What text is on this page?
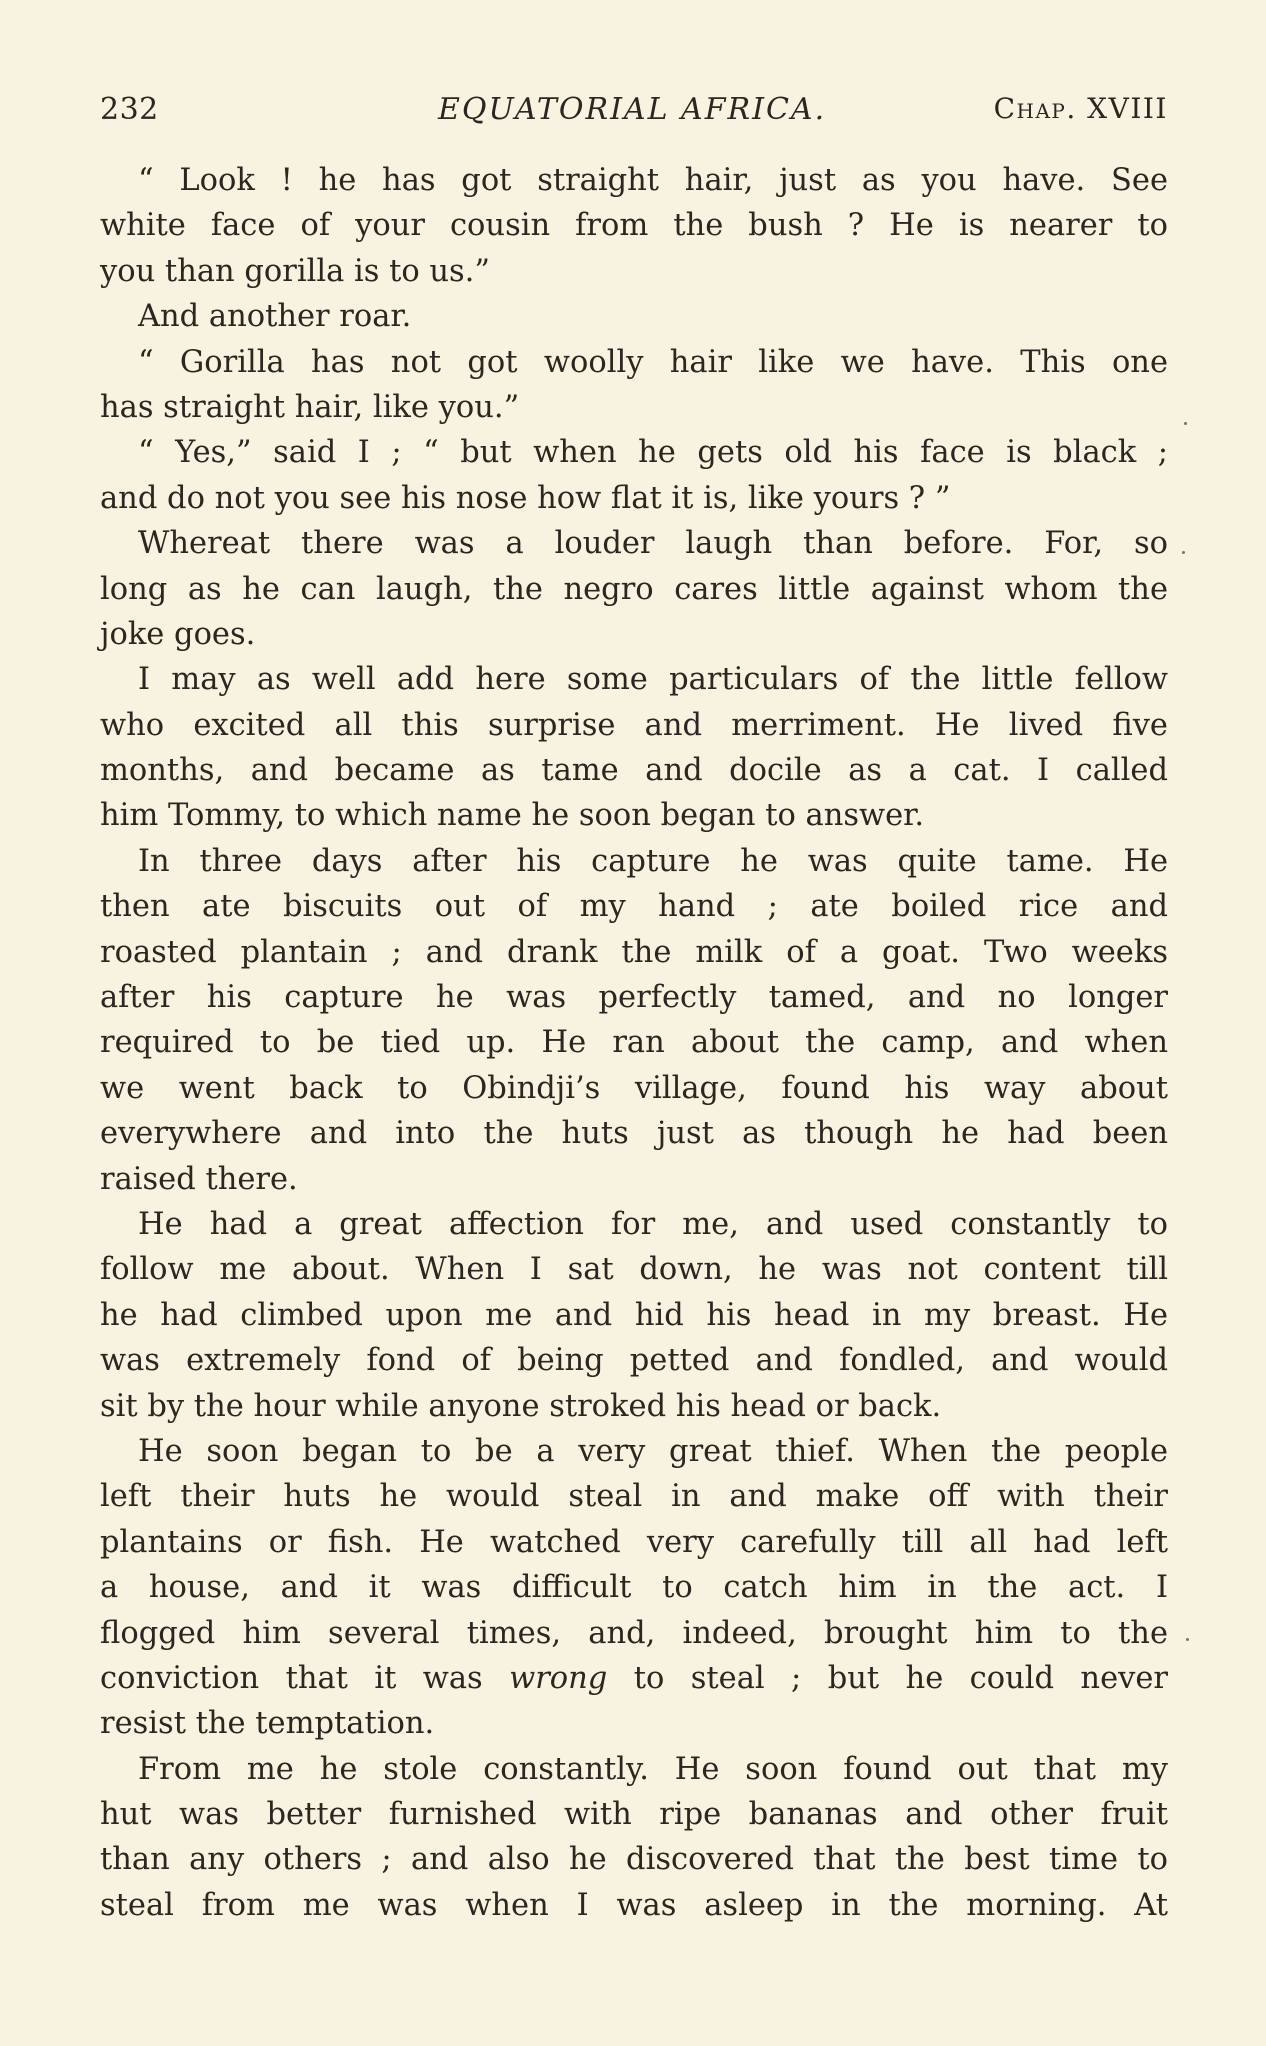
232	EQUATORIAL AFRICA.	Chap. XVIII
“ Look ! he has got straight hair, just as you have. See
white face of your cousin from the bush ? He is nearer to
you than gorilla is to us.”
And another roar.
“ Gorilla has not got woolly hair like we have. This one
has straight hair, like you.”
“ Yes,” said I ; “ but when he gets old his face is black ;
and do not you see his nose how flat it is, like yours ? ”
Whereat there was a louder laugh than before. For, so
long as he can laugh, the negro cares little against whom the
joke goes.
I may as well add here some particulars of the little fellow
who excited all this surprise and merriment. He lived five
months, and became as tame and docile as a cat. I called
him Tommy, to which name he soon began to answer.
In three days after his capture he was quite tame. He
then ate biscuits out of my hand ; ate boiled rice and
roasted plantain ; and drank the milk of a goat. Two weeks
after his capture he was perfectly tamed, and no longer
required to be tied up. He ran about the camp, and when
we went back to Obindji’s village, found his way about
everywhere and into the huts just as though he had been
raised there.
He had a great affection for me, and used constantly to
follow me about. When I sat down, he was not content till
he had climbed upon me and hid his head in my breast. He
was extremely fond of being petted and fondled, and would
sit by the hour while anyone stroked his head or back.
He soon began to be a very great thief. When the people
left their huts he would steal in and make off with their
plantains or fish. He watched very carefully till all had left
a house, and it was difficult to catch him in the act. I
flogged him several times, and, indeed, brought him to the
conviction that it was wrong to steal ; but he could never
resist the temptation.
From me he stole constantly. He soon found out that my
hut was better furnished with ripe bananas and other fruit
than any others ; and also he discovered that the best time to
steal from me was when I was asleep in the morning. At
